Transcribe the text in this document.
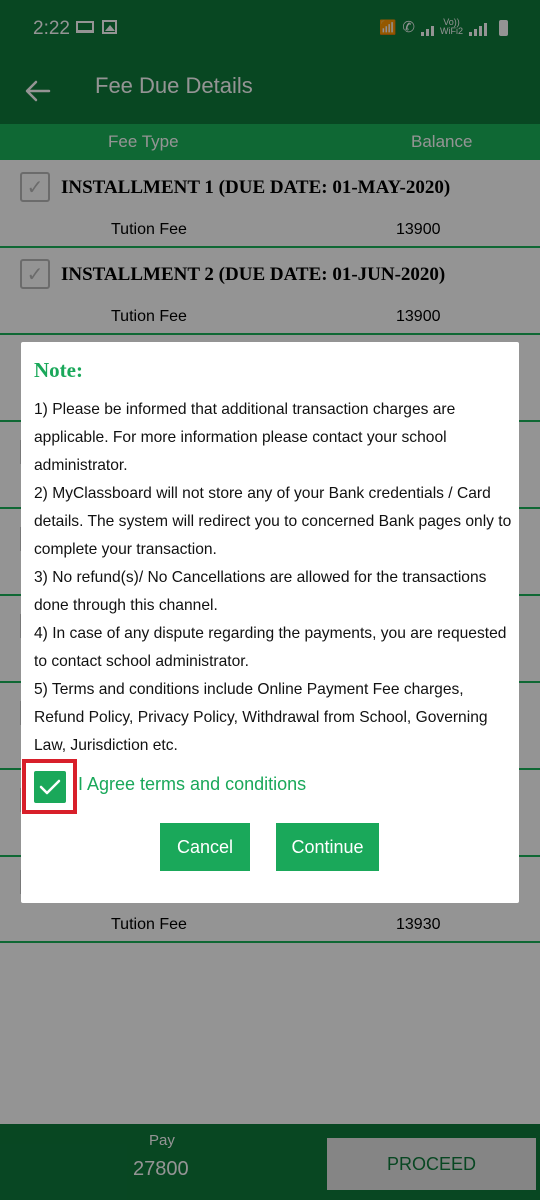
2:22	📶 ✆	Vo))
WiFi2
Fee Due Details
Fee Type	Balance
✓ INSTALLMENT 1 (DUE DATE: 01-MAY-2020)
Tution Fee	13900
✓ INSTALLMENT 2 (DUE DATE: 01-JUN-2020)
Tution Fee	13900
Tution Fee	13930
Pay
27800	PROCEED
Note:
1) Please be informed that additional transaction charges are applicable. For more information please contact your school administrator.
2) MyClassboard will not store any of your Bank credentials / Card details. The system will redirect you to concerned Bank pages only to complete your transaction.
3) No refund(s)/ No Cancellations are allowed for the transactions done through this channel.
4) In case of any dispute regarding the payments, you are requested to contact school administrator.
5) Terms and conditions include Online Payment Fee charges, Refund Policy, Privacy Policy, Withdrawal from School, Governing Law, Jurisdiction etc.
I Agree terms and conditions
Cancel	Continue
